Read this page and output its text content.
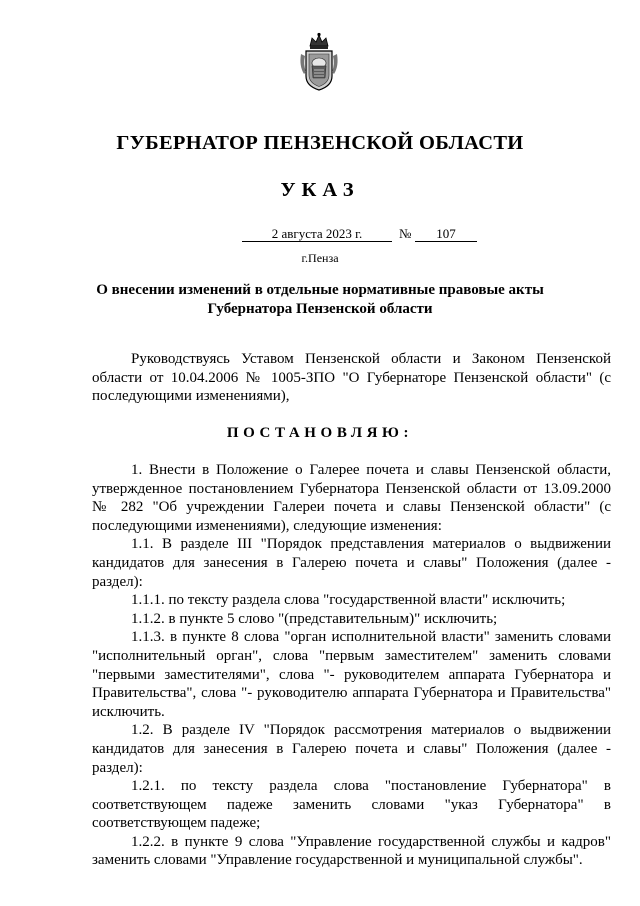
ГУБЕРНАТОР ПЕНЗЕНСКОЙ ОБЛАСТИ
УКАЗ
2 августа 2023 г.	№	107
г.Пенза
О внесении изменений в отдельные нормативные правовые акты Губернатора Пензенской области

Руководствуясь Уставом Пензенской области и Законом Пензенской области от 10.04.2006 № 1005-ЗПО "О Губернаторе Пензенской области" (с последующими изменениями),

ПОСТАНОВЛЯЮ:

1. Внести в Положение о Галерее почета и славы Пензенской области, утвержденное постановлением Губернатора Пензенской области от 13.09.2000 № 282 "Об учреждении Галереи почета и славы Пензенской области" (с последующими изменениями), следующие изменения:

1.1. В разделе III "Порядок представления материалов о выдвижении кандидатов для занесения в Галерею почета и славы" Положения (далее - раздел):

1.1.1. по тексту раздела слова "государственной власти" исключить;

1.1.2. в пункте 5 слово "(представительным)" исключить;

1.1.3. в пункте 8 слова "орган исполнительной власти" заменить словами "исполнительный орган", слова "первым заместителем" заменить словами "первыми заместителями", слова "- руководителем аппарата Губернатора и Правительства", слова "- руководителю аппарата Губернатора и Правительства" исключить.

1.2. В разделе IV "Порядок рассмотрения материалов о выдвижении кандидатов для занесения в Галерею почета и славы" Положения (далее - раздел):

1.2.1. по тексту раздела слова "постановление Губернатора" в соответствующем падеже заменить словами "указ Губернатора" в соответствующем падеже;

1.2.2. в пункте 9 слова "Управление государственной службы и кадров" заменить словами "Управление государственной и муниципальной службы".
